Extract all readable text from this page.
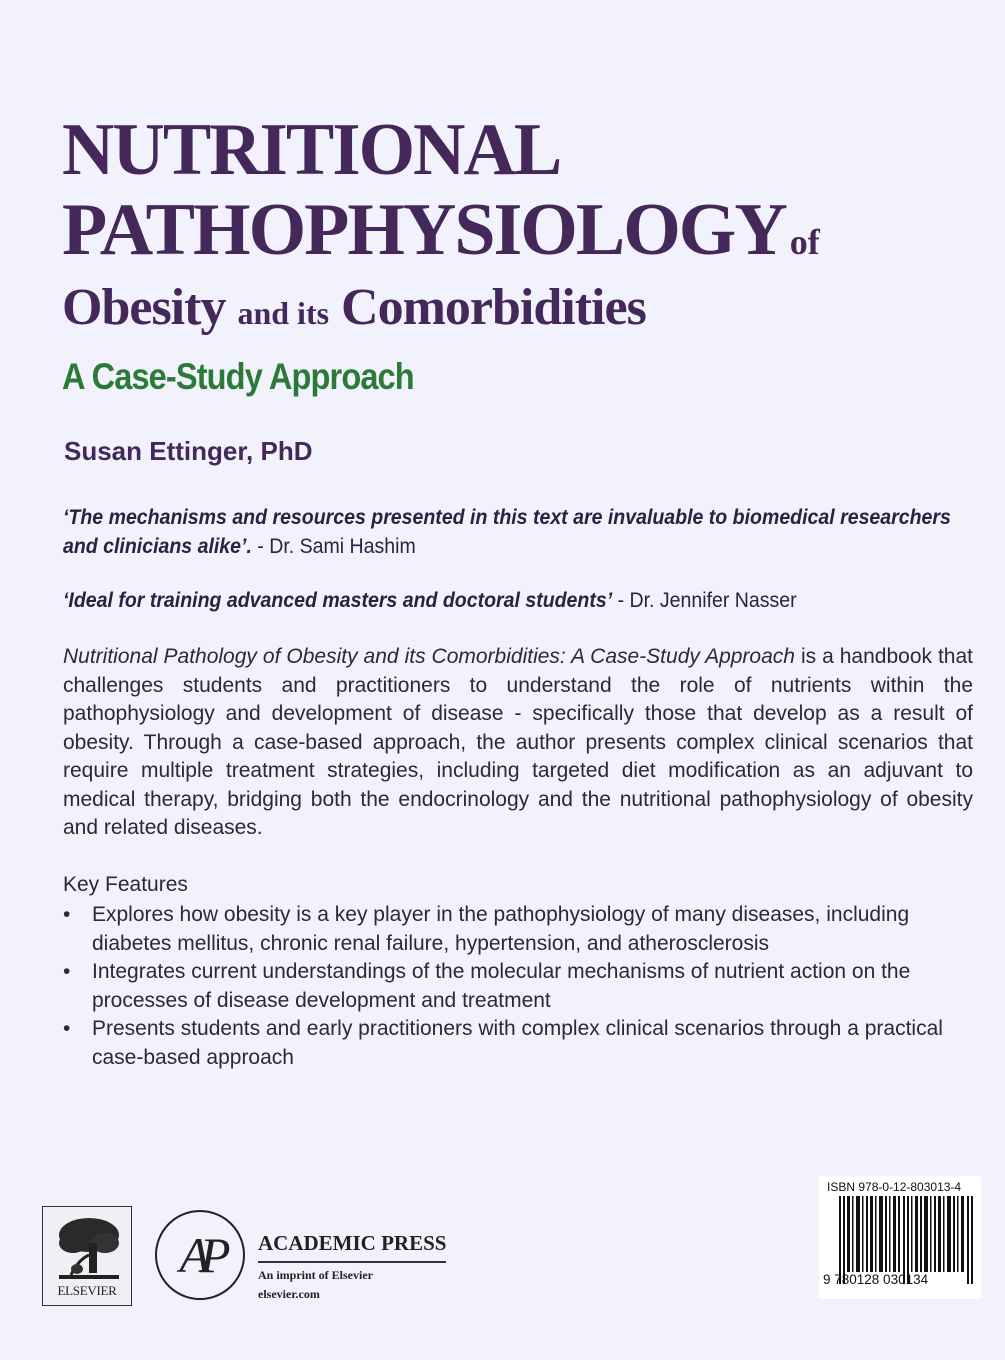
NUTRITIONAL
PATHOPHYSIOLOGY of
Obesity and its Comorbidities
A Case-Study Approach
Susan Ettinger, PhD
‘The mechanisms and resources presented in this text are invaluable to biomedical researchers and clinicians alike’. - Dr. Sami Hashim
‘Ideal for training advanced masters and doctoral students’ - Dr. Jennifer Nasser
Nutritional Pathology of Obesity and its Comorbidities: A Case-Study Approach is a handbook that challenges students and practitioners to understand the role of nutrients within the pathophysiology and development of disease - specifically those that develop as a result of obesity. Through a case-based approach, the author presents complex clinical scenarios that require multiple treatment strategies, including targeted diet modification as an adjuvant to medical therapy, bridging both the endocrinology and the nutritional pathophysiology of obesity and related diseases.
Key Features
• Explores how obesity is a key player in the pathophysiology of many diseases, including diabetes mellitus, chronic renal failure, hypertension, and atherosclerosis
• Integrates current understandings of the molecular mechanisms of nutrient action on the processes of disease development and treatment
• Presents students and early practitioners with complex clinical scenarios through a practical case-based approach
ELSEVIER
AP	ACADEMIC PRESS
An imprint of Elsevier
elsevier.com
ISBN 978-0-12-803013-4
9 780128 030134
